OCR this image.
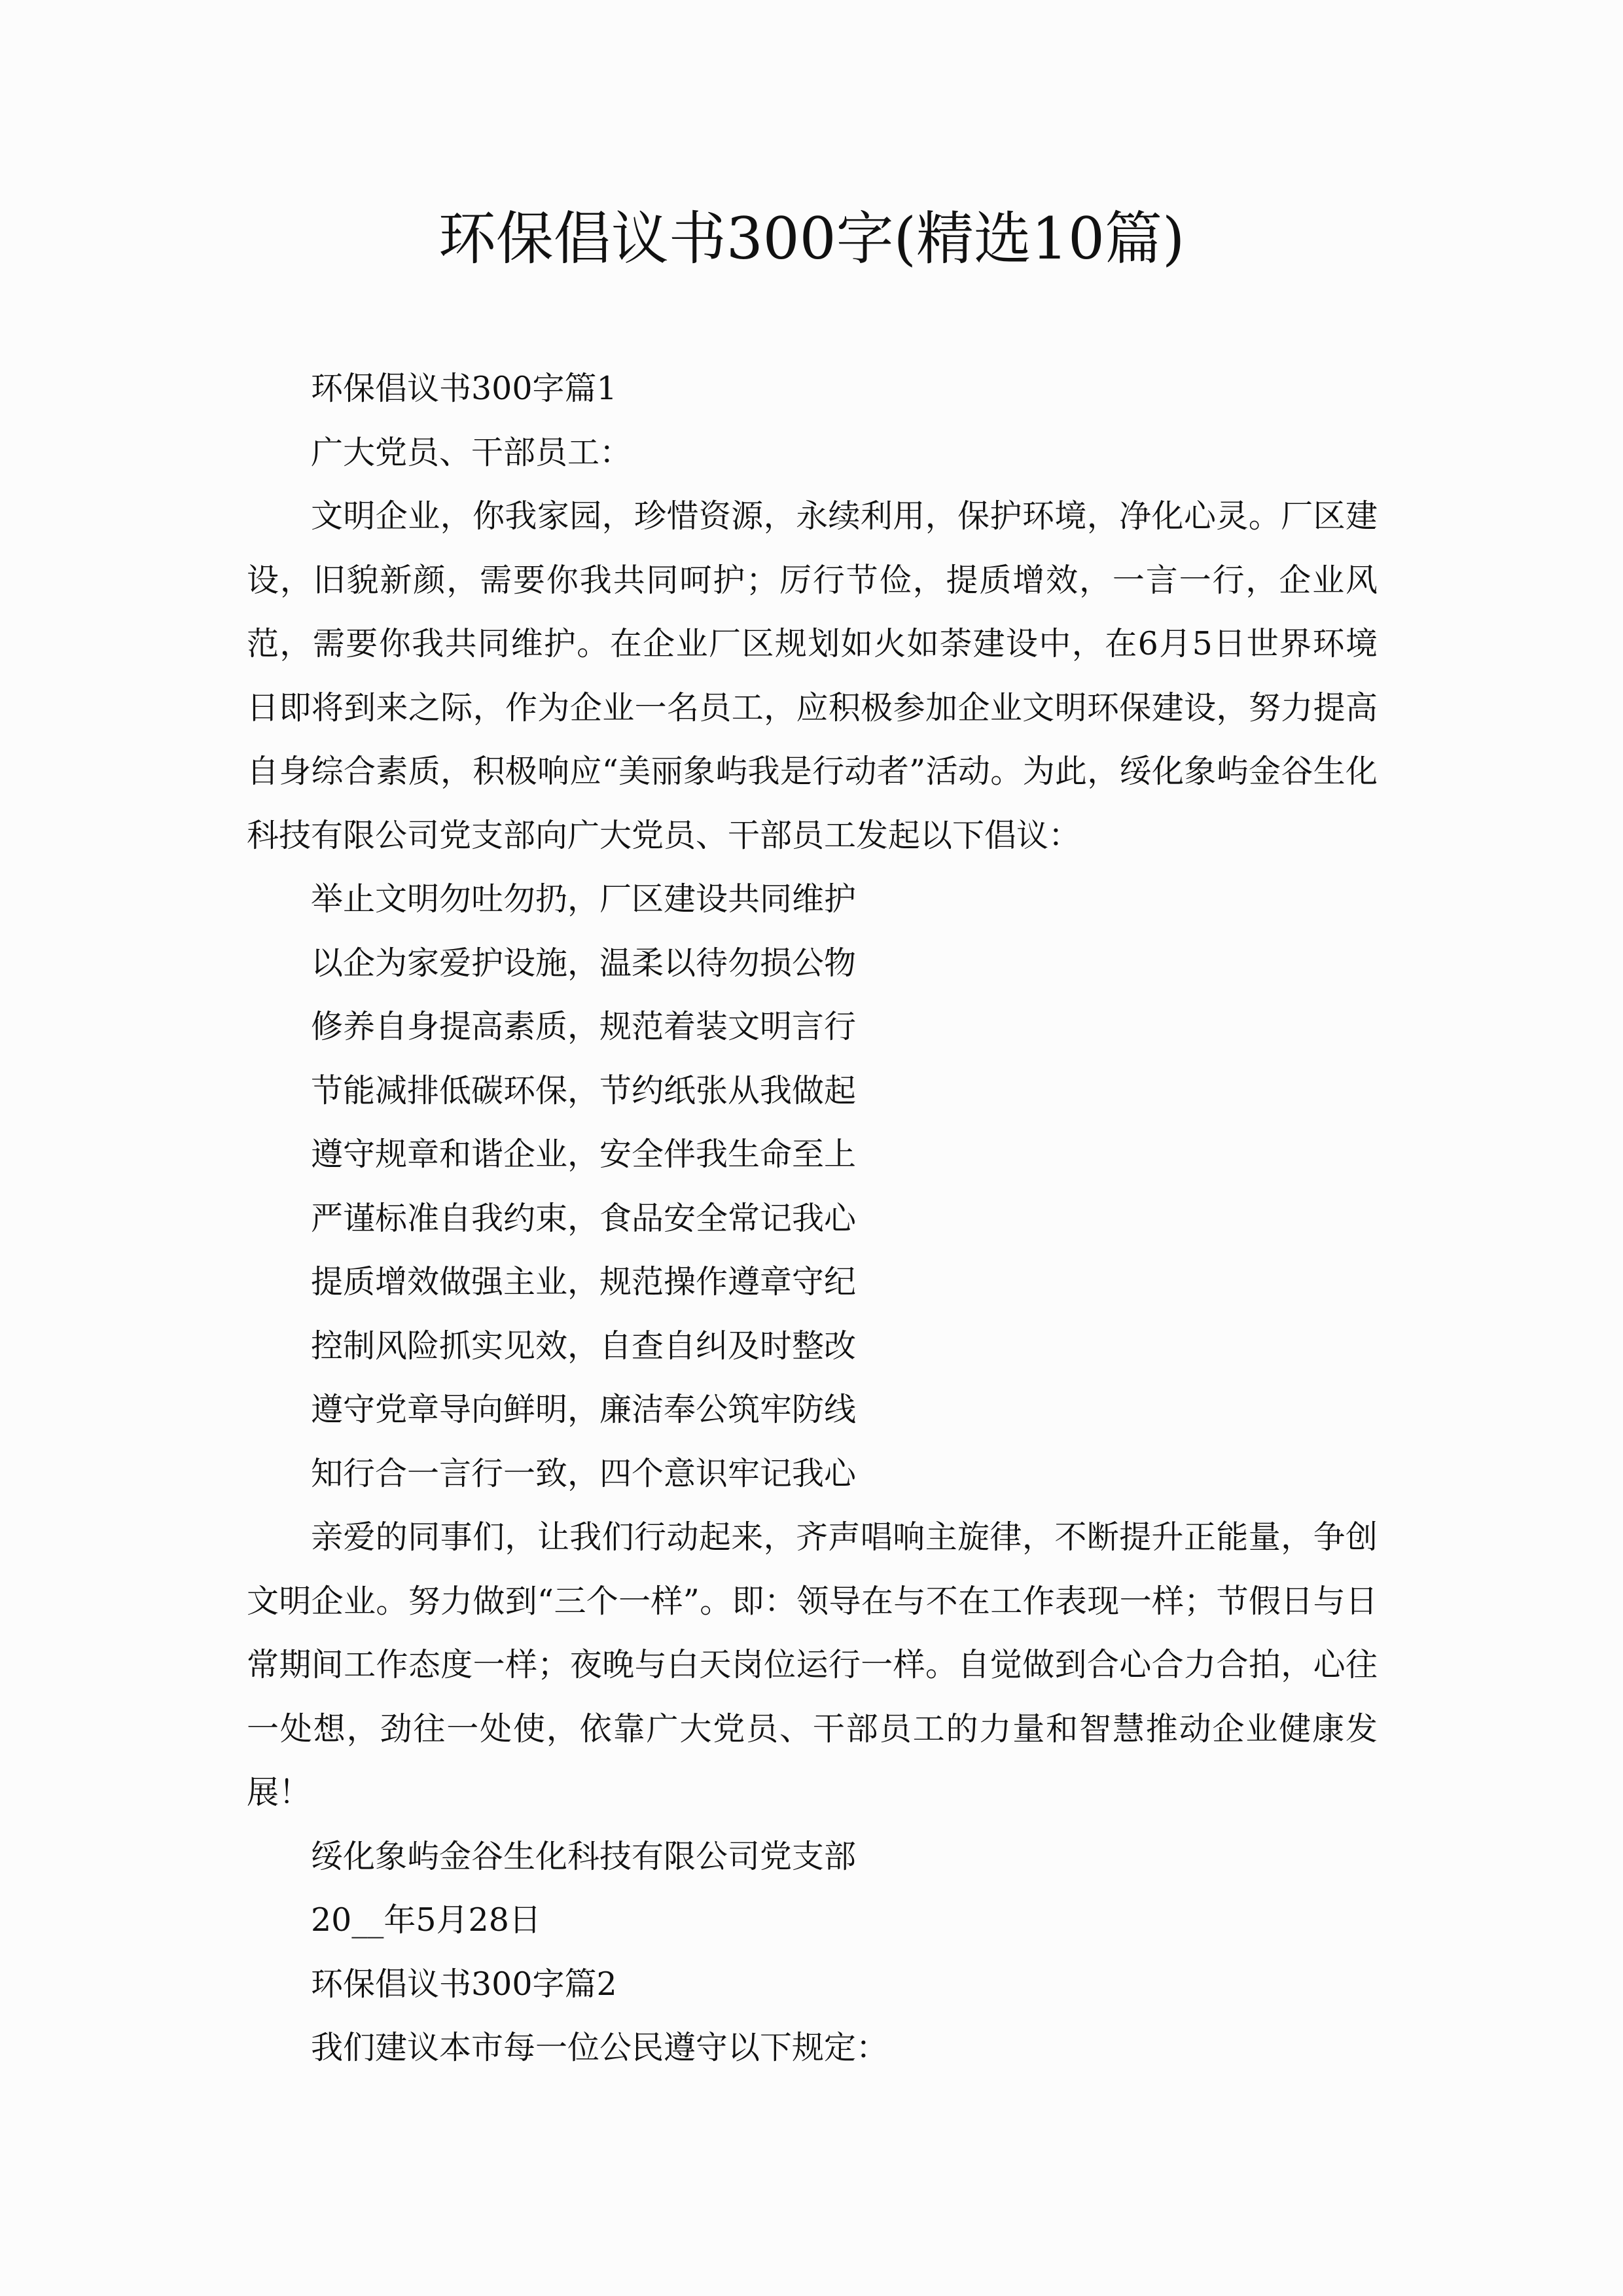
环保倡议书300字(精选10篇)

环保倡议书300字篇1

广大党员、干部员工：

文明企业，你我家园，珍惜资源，永续利用，保护环境，净化心灵。厂区建设，旧貌新颜，需要你我共同呵护；厉行节俭，提质增效，一言一行，企业风范，需要你我共同维护。在企业厂区规划如火如荼建设中，在6月5日世界环境日即将到来之际，作为企业一名员工，应积极参加企业文明环保建设，努力提高自身综合素质，积极响应“美丽象屿我是行动者”活动。为此，绥化象屿金谷生化科技有限公司党支部向广大党员、干部员工发起以下倡议：

举止文明勿吐勿扔，厂区建设共同维护

以企为家爱护设施，温柔以待勿损公物

修养自身提高素质，规范着装文明言行

节能减排低碳环保，节约纸张从我做起

遵守规章和谐企业，安全伴我生命至上

严谨标准自我约束，食品安全常记我心

提质增效做强主业，规范操作遵章守纪

控制风险抓实见效，自查自纠及时整改

遵守党章导向鲜明，廉洁奉公筑牢防线

知行合一言行一致，四个意识牢记我心

亲爱的同事们，让我们行动起来，齐声唱响主旋律，不断提升正能量，争创文明企业。努力做到“三个一样”。即：领导在与不在工作表现一样；节假日与日常期间工作态度一样；夜晚与白天岗位运行一样。自觉做到合心合力合拍，心往一处想，劲往一处使，依靠广大党员、干部员工的力量和智慧推动企业健康发展！

绥化象屿金谷生化科技有限公司党支部

20__年5月28日

环保倡议书300字篇2

我们建议本市每一位公民遵守以下规定：
